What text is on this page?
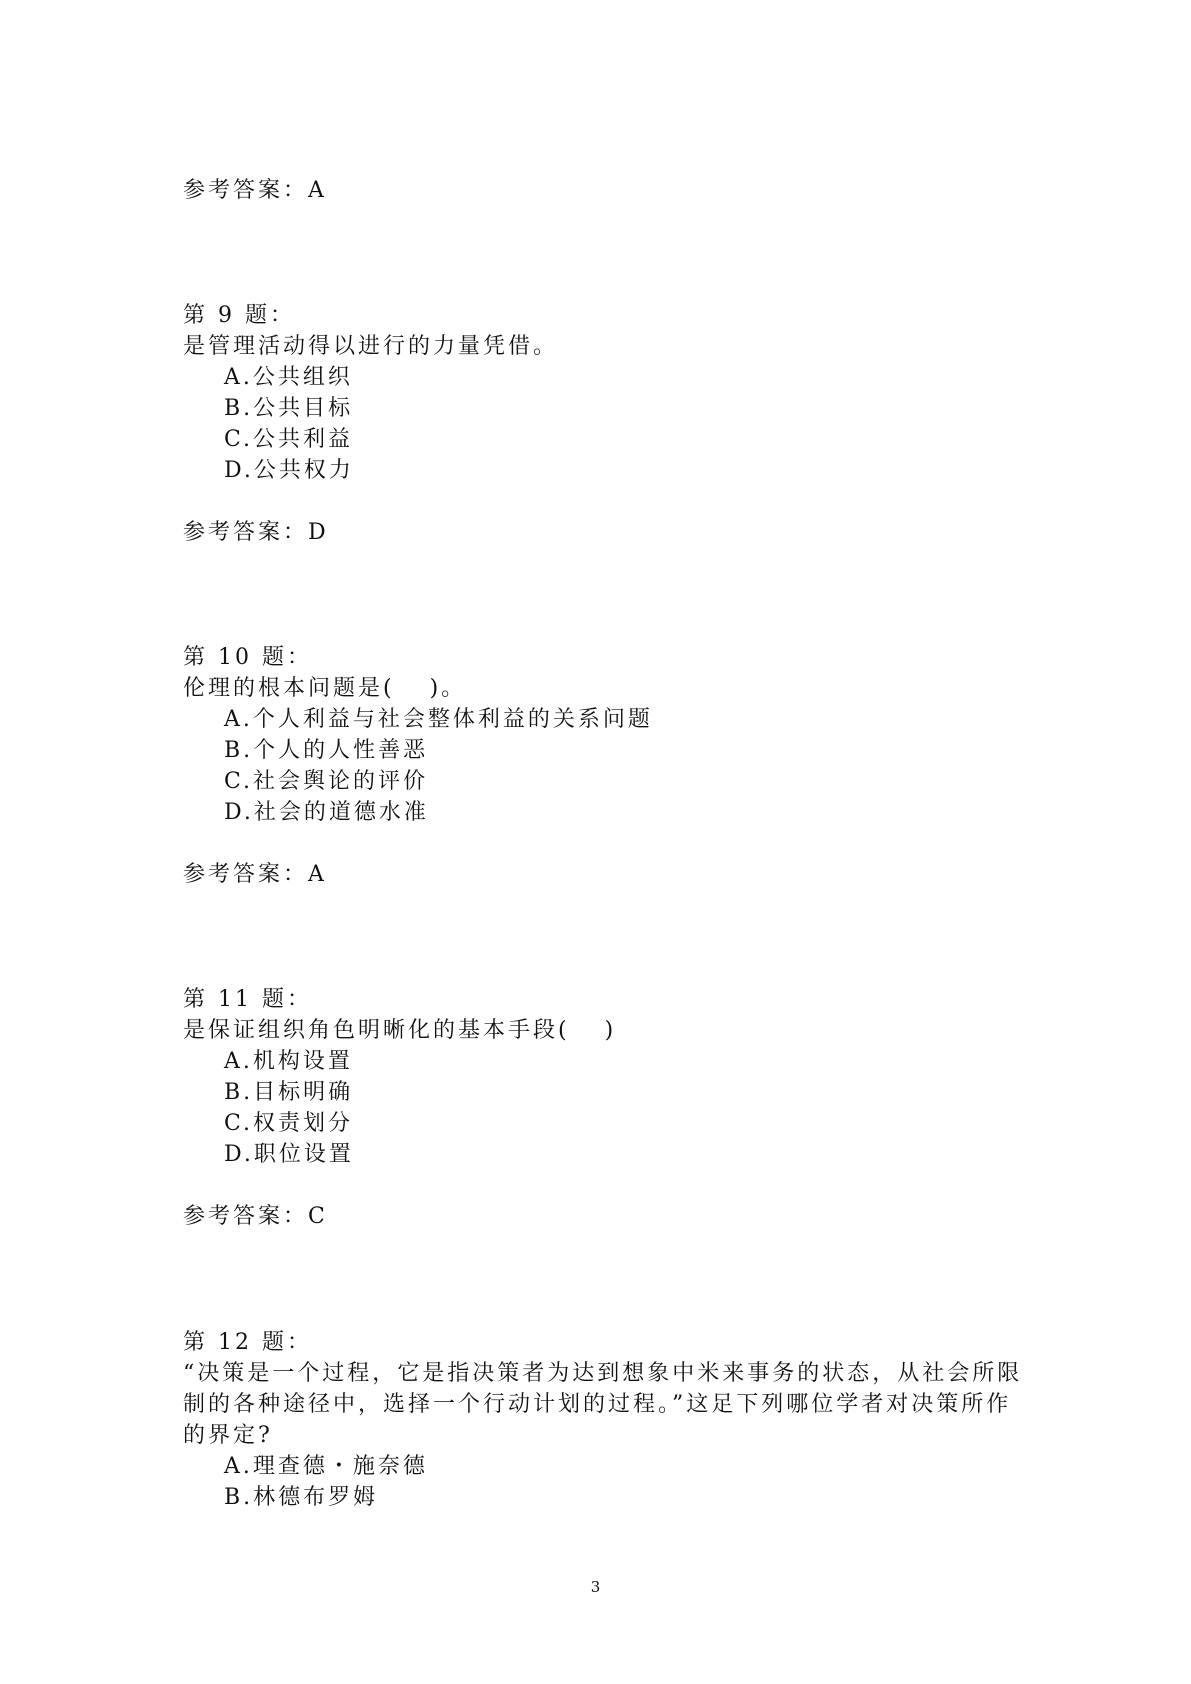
参考答案：A
第 9 题：
是管理活动得以进行的力量凭借。
A.公共组织
B.公共目标
C.公共利益
D.公共权力
参考答案：D
第 10 题：
伦理的根本问题是(　 )。
A.个人利益与社会整体利益的关系问题
B.个人的人性善恶
C.社会舆论的评价
D.社会的道德水准
参考答案：A
第 11 题：
是保证组织角色明晰化的基本手段(　 )
A.机构设置
B.目标明确
C.权责划分
D.职位设置
参考答案：C
第 12 题：
“决策是一个过程，它是指决策者为达到想象中米来事务的状态，从社会所限
制的各种途径中，选择一个行动计划的过程。”这足下列哪位学者对决策所作
的界定?
A.理查德・施奈德
B.林德布罗姆
3
